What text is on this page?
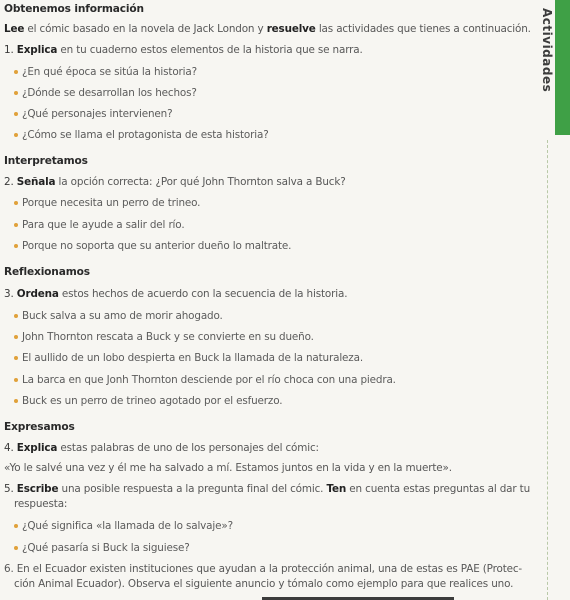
Obtenemos información
Lee el cómic basado en la novela de Jack London y resuelve las actividades que tienes a continuación.
1. Explica en tu cuaderno estos elementos de la historia que se narra.
¿En qué época se sitúa la historia?
¿Dónde se desarrollan los hechos?
¿Qué personajes intervienen?
¿Cómo se llama el protagonista de esta historia?
Interpretamos
2. Señala la opción correcta: ¿Por qué John Thornton salva a Buck?
Porque necesita un perro de trineo.
Para que le ayude a salir del río.
Porque no soporta que su anterior dueño lo maltrate.
Reflexionamos
3. Ordena estos hechos de acuerdo con la secuencia de la historia.
Buck salva a su amo de morir ahogado.
John Thornton rescata a Buck y se convierte en su dueño.
El aullido de un lobo despierta en Buck la llamada de la naturaleza.
La barca en que Jonh Thornton desciende por el río choca con una piedra.
Buck es un perro de trineo agotado por el esfuerzo.
Expresamos
4. Explica estas palabras de uno de los personajes del cómic:
«Yo le salvé una vez y él me ha salvado a mí. Estamos juntos en la vida y en la muerte».
5. Escribe una posible respuesta a la pregunta final del cómic. Ten en cuenta estas preguntas al dar tu
respuesta:
¿Qué significa «la llamada de lo salvaje»?
¿Qué pasaría si Buck la siguiese?
6. En el Ecuador existen instituciones que ayudan a la protección animal, una de estas es PAE (Protec-
ción Animal Ecuador). Observa el siguiente anuncio y tómalo como ejemplo para que realices uno.
Actividades
